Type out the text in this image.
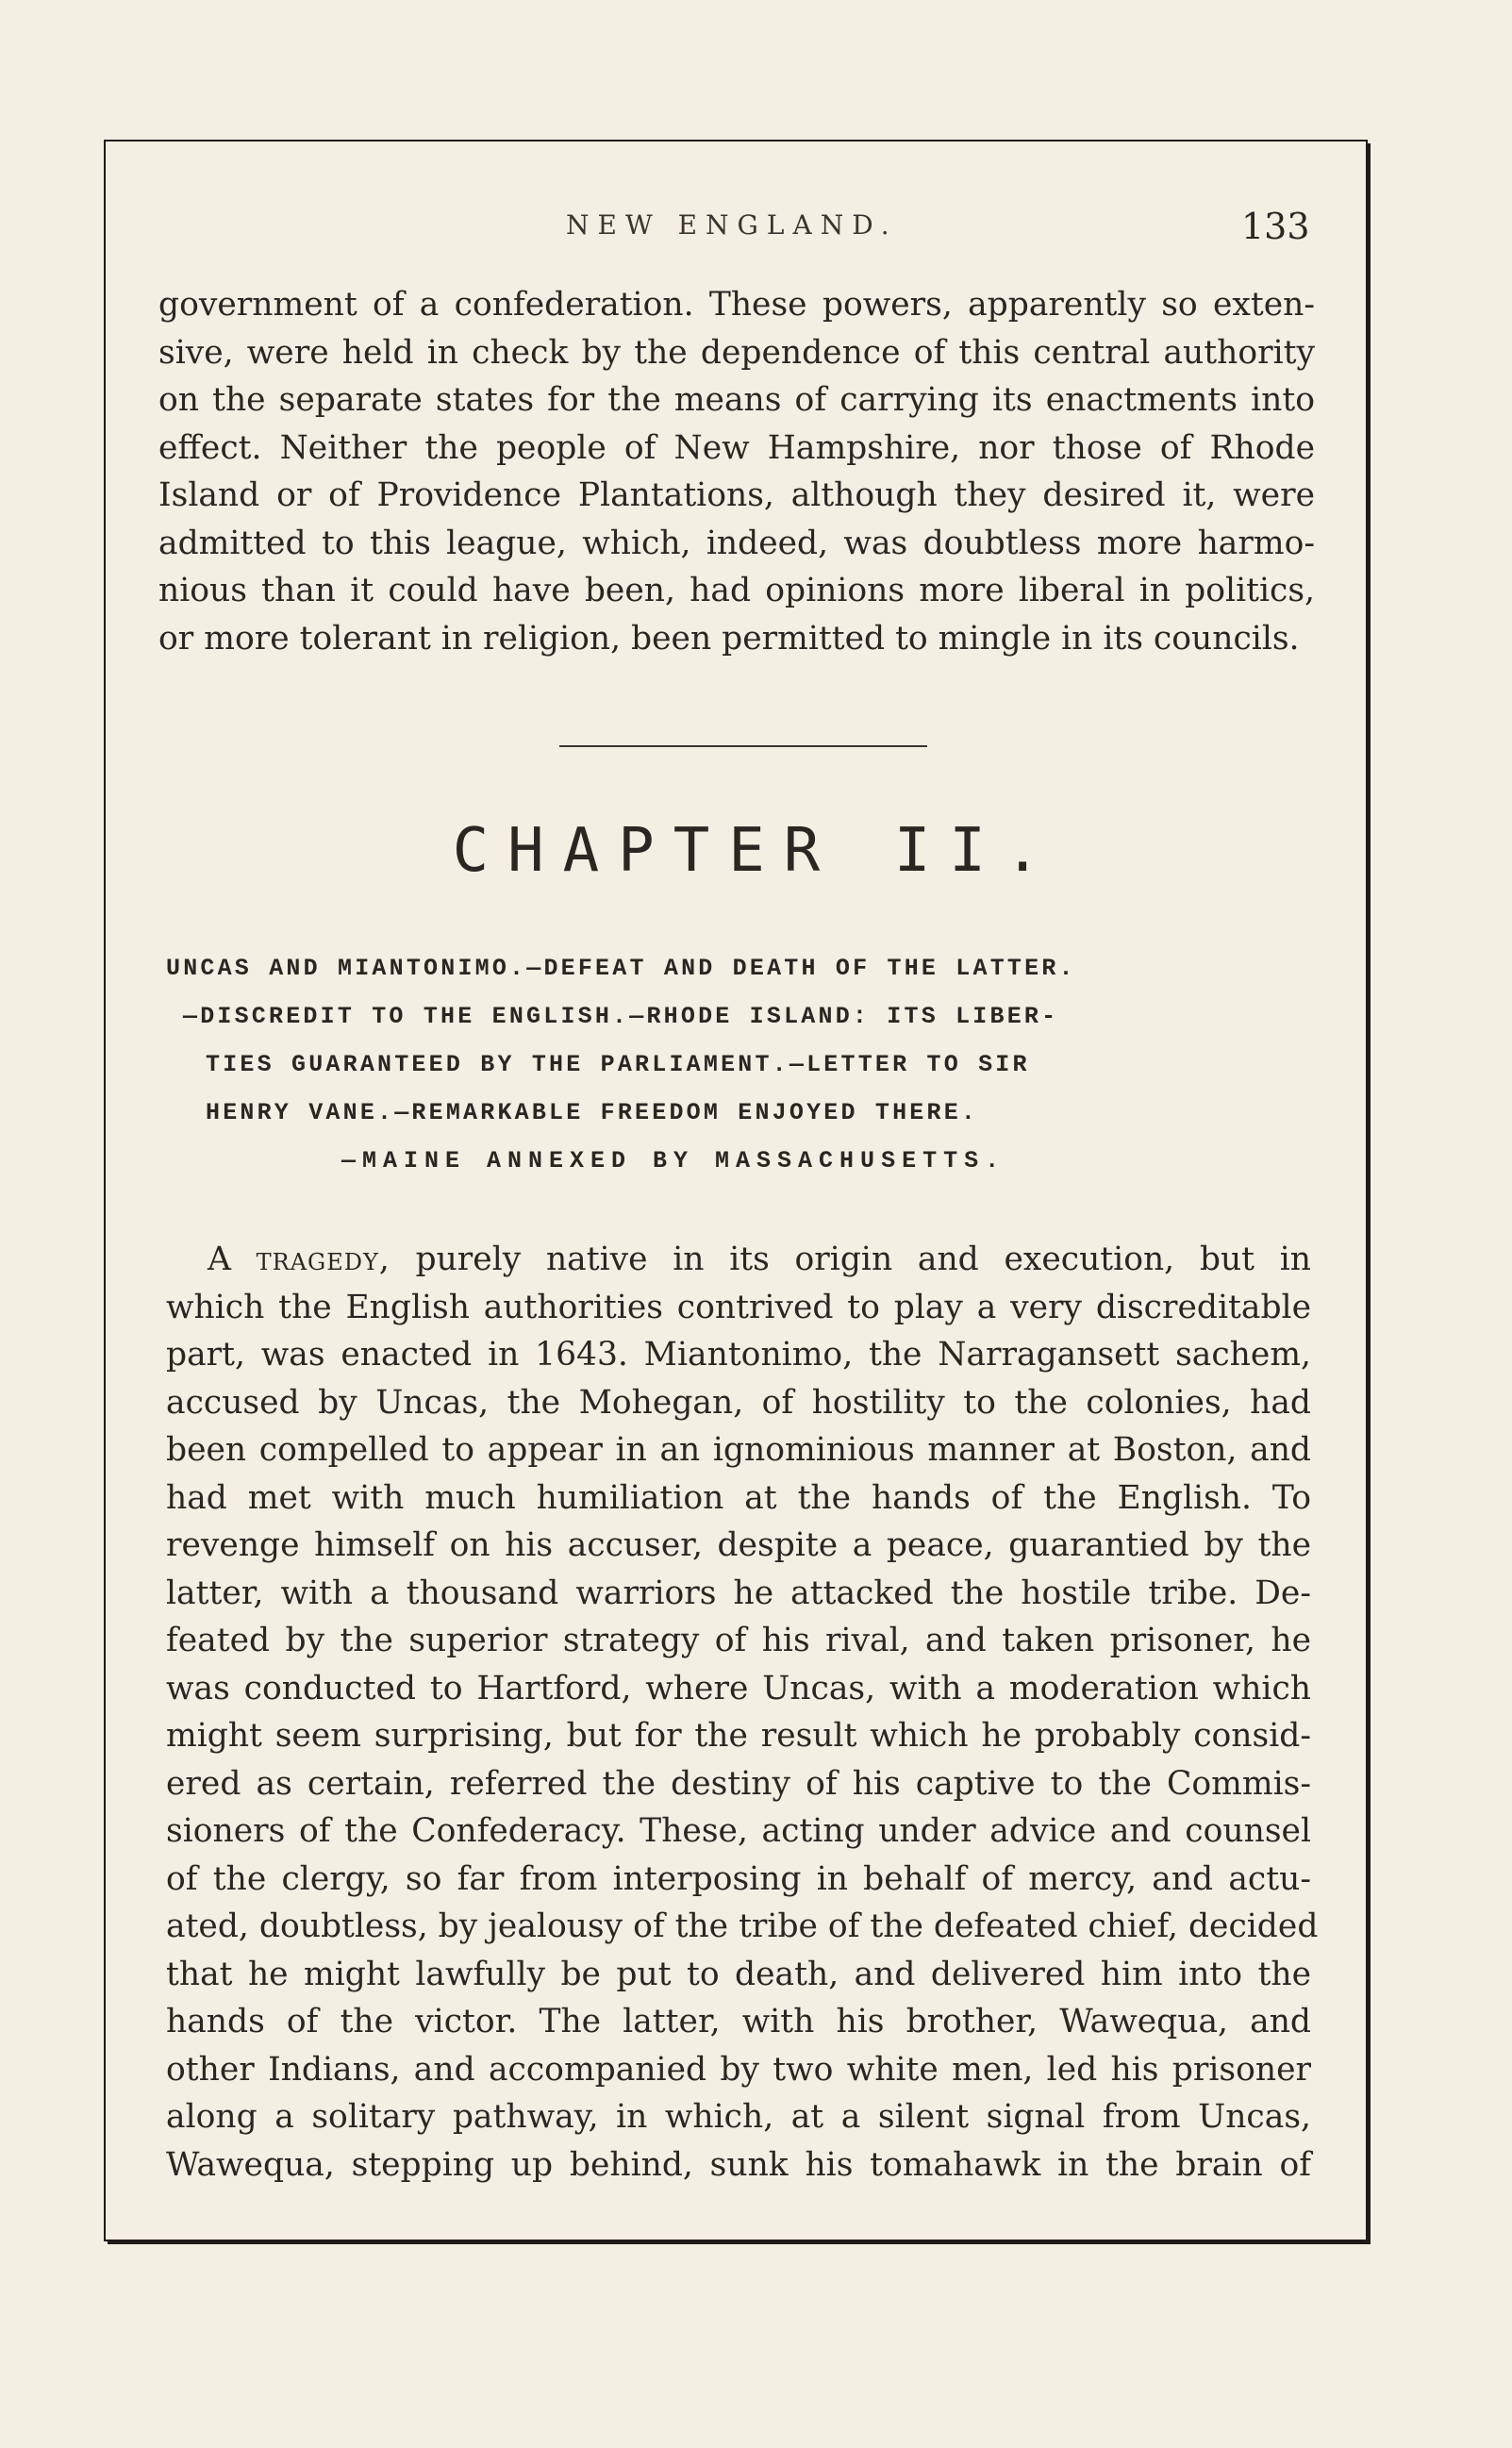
NEW ENGLAND.	133
government of a confederation. These powers, apparently so exten-
sive, were held in check by the dependence of this central authority
on the separate states for the means of carrying its enactments into
effect. Neither the people of New Hampshire, nor those of Rhode
Island or of Providence Plantations, although they desired it, were
admitted to this league, which, indeed, was doubtless more harmo-
nious than it could have been, had opinions more liberal in politics,
or more tolerant in religion, been permitted to mingle in its councils.
CHAPTER II.
UNCAS AND MIANTONIMO.—DEFEAT AND DEATH OF THE LATTER.
—DISCREDIT TO THE ENGLISH.—RHODE ISLAND: ITS LIBER-
TIES GUARANTEED BY THE PARLIAMENT.—LETTER TO SIR
HENRY VANE.—REMARKABLE FREEDOM ENJOYED THERE.
—MAINE ANNEXED BY MASSACHUSETTS.
A tragedy, purely native in its origin and execution, but in
which the English authorities contrived to play a very discreditable
part, was enacted in 1643. Miantonimo, the Narragansett sachem,
accused by Uncas, the Mohegan, of hostility to the colonies, had
been compelled to appear in an ignominious manner at Boston, and
had met with much humiliation at the hands of the English. To
revenge himself on his accuser, despite a peace, guarantied by the
latter, with a thousand warriors he attacked the hostile tribe. De-
feated by the superior strategy of his rival, and taken prisoner, he
was conducted to Hartford, where Uncas, with a moderation which
might seem surprising, but for the result which he probably consid-
ered as certain, referred the destiny of his captive to the Commis-
sioners of the Confederacy. These, acting under advice and counsel
of the clergy, so far from interposing in behalf of mercy, and actu-
ated, doubtless, by jealousy of the tribe of the defeated chief, decided
that he might lawfully be put to death, and delivered him into the
hands of the victor. The latter, with his brother, Wawequa, and
other Indians, and accompanied by two white men, led his prisoner
along a solitary pathway, in which, at a silent signal from Uncas,
Wawequa, stepping up behind, sunk his tomahawk in the brain of
